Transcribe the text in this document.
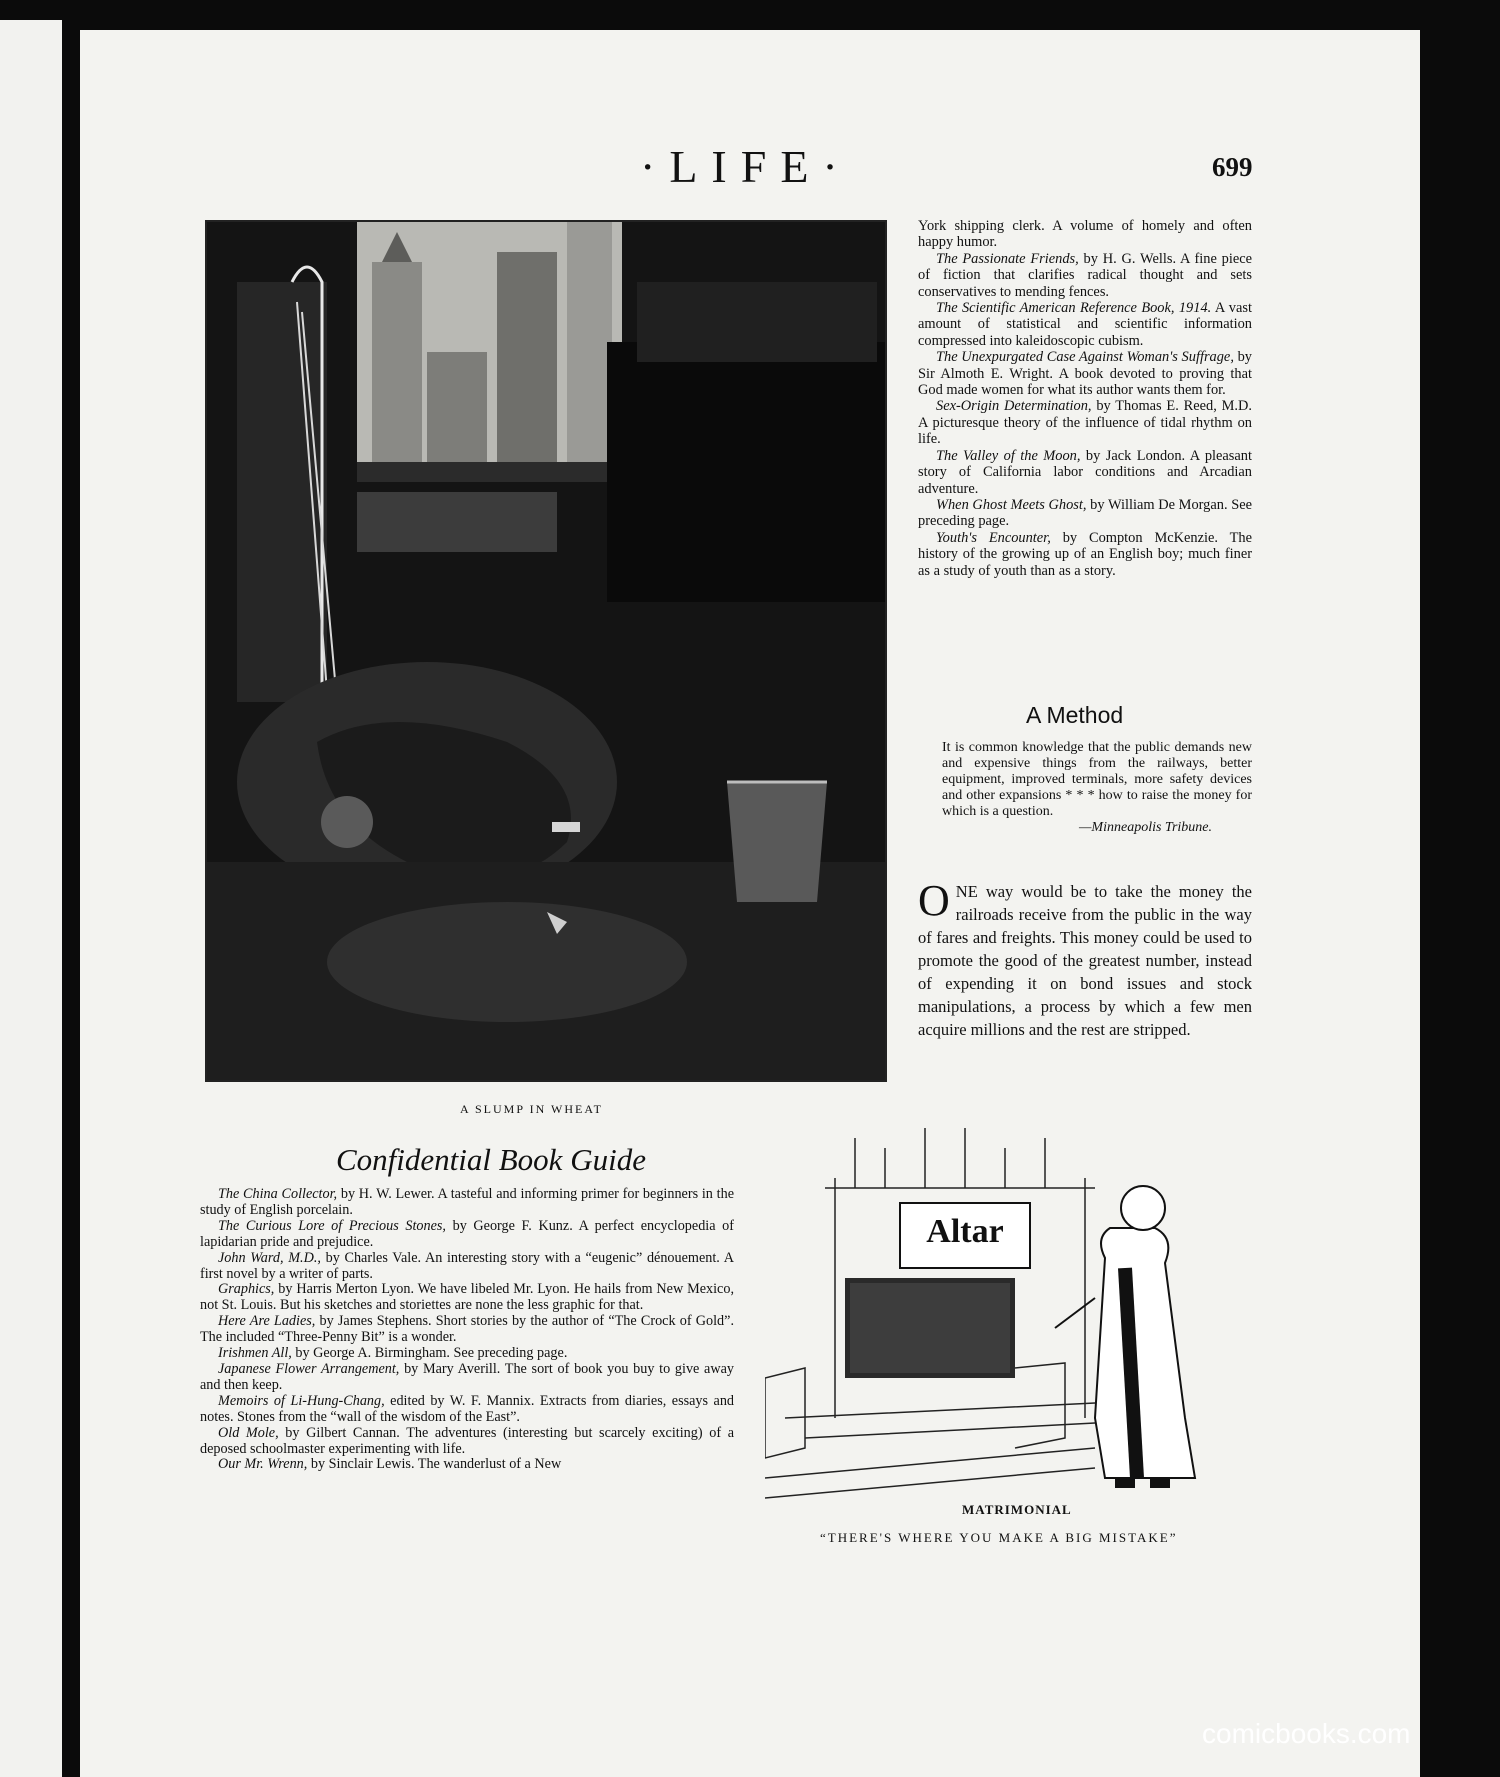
·LIFE·	699
A SLUMP IN WHEAT

York shipping clerk. A volume of homely and often happy humor.

The Passionate Friends, by H. G. Wells. A fine piece of fiction that clarifies radical thought and sets conservatives to mending fences.

The Scientific American Reference Book, 1914. A vast amount of statistical and scientific information compressed into kaleidoscopic cubism.

The Unexpurgated Case Against Woman's Suffrage, by Sir Almoth E. Wright. A book devoted to proving that God made women for what its author wants them for.

Sex-Origin Determination, by Thomas E. Reed, M.D. A picturesque theory of the influence of tidal rhythm on life.

The Valley of the Moon, by Jack London. A pleasant story of California labor conditions and Arcadian adventure.

When Ghost Meets Ghost, by William De Morgan. See preceding page.

Youth's Encounter, by Compton McKenzie. The history of the growing up of an English boy; much finer as a study of youth than as a story.

A Method
It is common knowledge that the public demands new and expensive things from the railways, better equipment, improved terminals, more safety devices and other expansions * * * how to raise the money for which is a question.
—Minneapolis Tribune.
ONE way would be to take the money the railroads receive from the public in the way of fares and freights. This money could be used to promote the good of the greatest number, instead of expending it on bond issues and stock manipulations, a process by which a few men acquire millions and the rest are stripped.
Confidential Book Guide

The China Collector, by H. W. Lewer. A tasteful and informing primer for beginners in the study of English porcelain.

The Curious Lore of Precious Stones, by George F. Kunz. A perfect encyclopedia of lapidarian pride and prejudice.

John Ward, M.D., by Charles Vale. An interesting story with a “eugenic” dénouement. A first novel by a writer of parts.

Graphics, by Harris Merton Lyon. We have libeled Mr. Lyon. He hails from New Mexico, not St. Louis. But his sketches and storiettes are none the less graphic for that.

Here Are Ladies, by James Stephens. Short stories by the author of “The Crock of Gold”. The included “Three-Penny Bit” is a wonder.

Irishmen All, by George A. Birmingham. See preceding page.

Japanese Flower Arrangement, by Mary Averill. The sort of book you buy to give away and then keep.

Memoirs of Li-Hung-Chang, edited by W. F. Mannix. Extracts from diaries, essays and notes. Stones from the “wall of the wisdom of the East”.

Old Mole, by Gilbert Cannan. The adventures (interesting but scarcely exciting) of a deposed schoolmaster experimenting with life.

Our Mr. Wrenn, by Sinclair Lewis. The wanderlust of a New

Altar
MATRIMONIAL
“THERE'S WHERE YOU MAKE A BIG MISTAKE”
comicbooks.com
